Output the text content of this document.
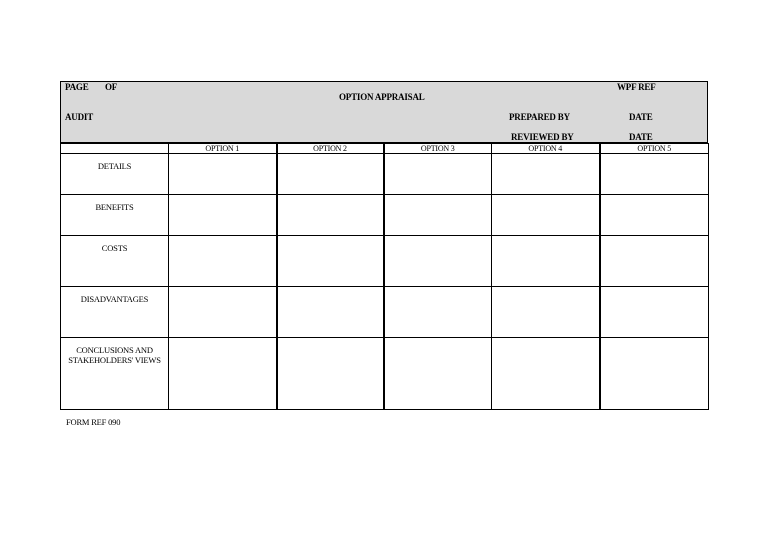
PAGE OF
OPTION APPRAISAL
WPF REF
AUDIT	PREPARED BY	DATE
REVIEWED BY	DATE
	OPTION 1	OPTION 2	OPTION 3	OPTION 4	OPTION 5
DETAILS					
BENEFITS					
COSTS					
DISADVANTAGES					
CONCLUSIONS AND STAKEHOLDERS' VIEWS					
FORM REF 090
